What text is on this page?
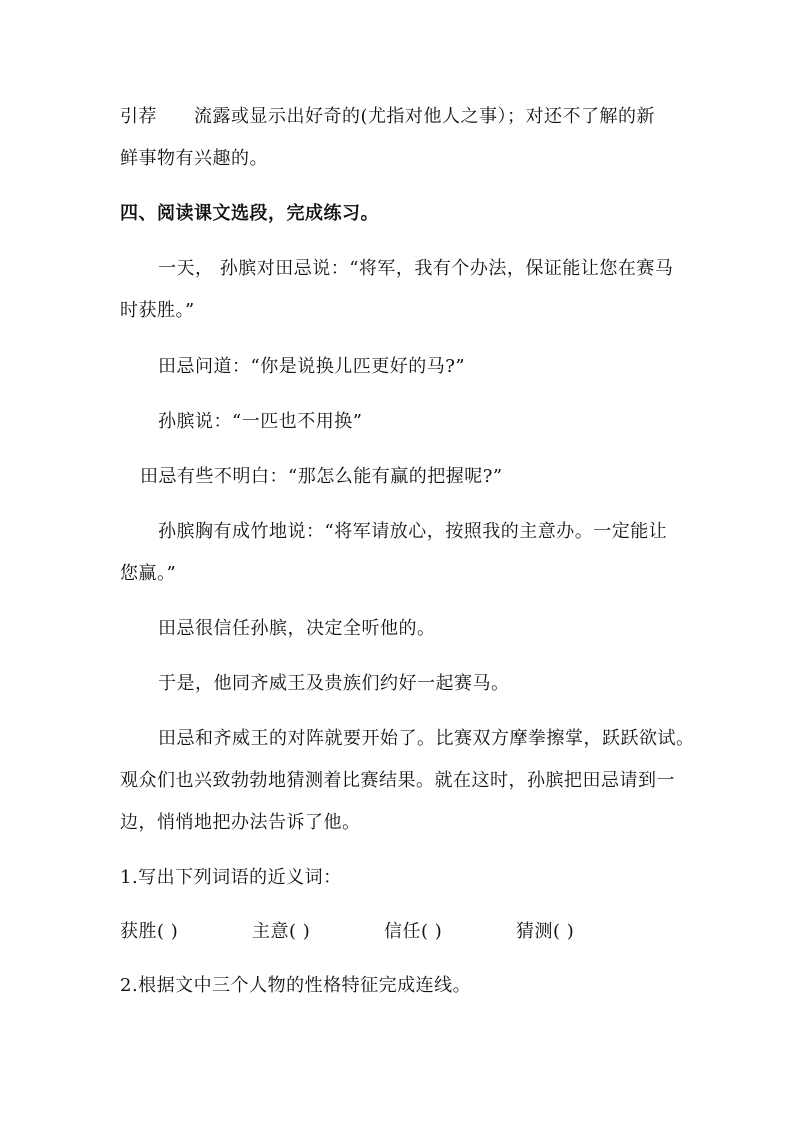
引荐 流露或显示出好奇的(尤指对他人之事）；对还不了解的新
鲜事物有兴趣的。
四、阅读课文选段，完成练习。
一天， 孙膑对田忌说：“将军，我有个办法，保证能让您在赛马
时获胜。”
田忌问道：“你是说换儿匹更好的马?”
孙膑说：“一匹也不用换”
田忌有些不明白：“那怎么能有赢的把握呢?”
孙膑胸有成竹地说：“将军请放心，按照我的主意办。一定能让
您赢。”
田忌很信任孙膑，决定全听他的。
于是，他同齐威王及贵族们约好一起赛马。
田忌和齐威王的对阵就要开始了。比赛双方摩拳擦掌，跃跃欲试。
观众们也兴致勃勃地猜测着比赛结果。就在这时，孙膑把田忌请到一
边，悄悄地把办法告诉了他。
1.写出下列词语的近义词：
获胜( )	主意( )	信任( )	猜测( )
2.根据文中三个人物的性格特征完成连线。
